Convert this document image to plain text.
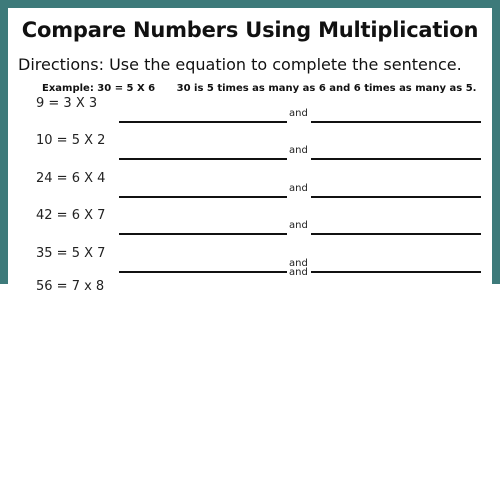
Compare Numbers Using Multiplication
Directions: Use the equation to complete the sentence.
Example: 30 = 5 X 6 30 is 5 times as many as 6 and 6 times as many as 5.
9 = 3 X 3
and
10 = 5 X 2
and
24 = 6 X 4
and
42 = 6 X 7
and
35 = 5 X 7
and
56 = 7 x 8
and
